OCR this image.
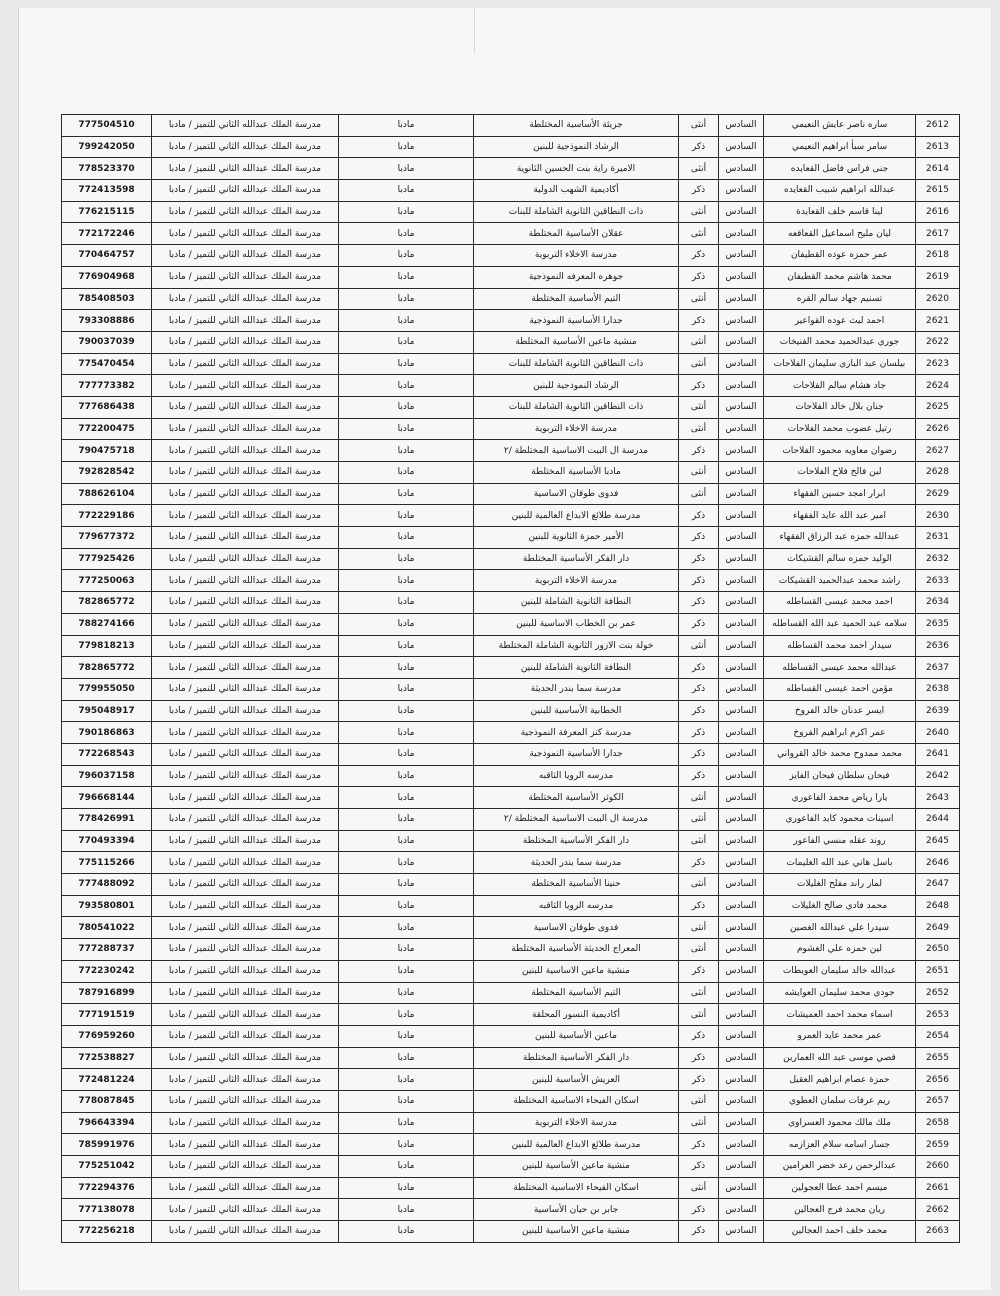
777504510	مدرسة الملك عبدالله الثاني للتميز / مادبا	مادبا	جريئة الأساسية المختلطة	أنثى	السادس	ساره ناصر عايش النعيمي	2612
799242050	مدرسة الملك عبدالله الثاني للتميز / مادبا	مادبا	الرشاد النموذجية للبنين	ذكر	السادس	سامر سبأ ابراهيم النعيمي	2613
778523370	مدرسة الملك عبدالله الثاني للتميز / مادبا	مادبا	الاميرة راية بنت الحسين الثانوية	أنثى	السادس	جنى فراس فاضل القعايده	2614
772413598	مدرسة الملك عبدالله الثاني للتميز / مادبا	مادبا	أكاديمية الشهب الدولية	ذكر	السادس	عبدالله ابراهيم شبيب القعايده	2615
776215115	مدرسة الملك عبدالله الثاني للتميز / مادبا	مادبا	ذات النطاقين الثانوية الشاملة للبنات	أنثى	السادس	لينا قاسم خلف القعايدة	2616
772172246	مدرسة الملك عبدالله الثاني للتميز / مادبا	مادبا	عقلان الأساسية المختلطة	أنثى	السادس	ليان مليح اسماعيل القعاقعه	2617
770464757	مدرسة الملك عبدالله الثاني للتميز / مادبا	مادبا	مدرسة الاخلاء التربوية	ذكر	السادس	عمر حمزه عوده القطيفان	2618
776904968	مدرسة الملك عبدالله الثاني للتميز / مادبا	مادبا	جوهره المعرفه النموذجية	ذكر	السادس	محمد هاشم محمد القطيفان	2619
785408503	مدرسة الملك عبدالله الثاني للتميز / مادبا	مادبا	التيم الأساسية المختلطة	أنثى	السادس	تسنيم جهاد سالم القره	2620
793308886	مدرسة الملك عبدالله الثاني للتميز / مادبا	مادبا	جدارا الأساسية النموذجية	ذكر	السادس	احمد ليث عوده القواعير	2621
790037039	مدرسة الملك عبدالله الثاني للتميز / مادبا	مادبا	منشية ماعين الأساسية المختلطة	أنثى	السادس	جوري عبدالحميد محمد الفنيخات	2622
775470454	مدرسة الملك عبدالله الثاني للتميز / مادبا	مادبا	ذات النطاقين الثانوية الشاملة للبنات	أنثى	السادس	بيلسان عبد الباري سليمان الفلاحات	2623
777773382	مدرسة الملك عبدالله الثاني للتميز / مادبا	مادبا	الرشاد النموذجية للبنين	ذكر	السادس	جاد هشام سالم الفلاحات	2624
777686438	مدرسة الملك عبدالله الثاني للتميز / مادبا	مادبا	ذات النطاقين الثانوية الشاملة للبنات	أنثى	السادس	جنان بلال خالد الفلاحات	2625
772200475	مدرسة الملك عبدالله الثاني للتميز / مادبا	مادبا	مدرسة الاخلاء التربوية	أنثى	السادس	رتيل عضوب محمد الفلاحات	2626
790475718	مدرسة الملك عبدالله الثاني للتميز / مادبا	مادبا	مدرسة ال البيت الاساسية المختلطة /٢	ذكر	السادس	رضوان معاويه محمود الفلاحات	2627
792828542	مدرسة الملك عبدالله الثاني للتميز / مادبا	مادبا	مادبا الأساسية المختلطة	أنثى	السادس	لين فالح فلاح الفلاحات	2628
788626104	مدرسة الملك عبدالله الثاني للتميز / مادبا	مادبا	فدوى طوقان الاساسية	أنثى	السادس	ابرار امجد حسين الفقهاء	2629
772229186	مدرسة الملك عبدالله الثاني للتميز / مادبا	مادبا	مدرسة طلائع الابداع العالمية للبنين	ذكر	السادس	امير عبد الله عايد الفقهاء	2630
779677372	مدرسة الملك عبدالله الثاني للتميز / مادبا	مادبا	الأمير حمزة الثانوية للبنين	ذكر	السادس	عبدالله حمزه عبد الرزاق الفقهاء	2631
777925426	مدرسة الملك عبدالله الثاني للتميز / مادبا	مادبا	دار الفكر الأساسية المختلطة	ذكر	السادس	الوليد حمزه سالم القشيكات	2632
777250063	مدرسة الملك عبدالله الثاني للتميز / مادبا	مادبا	مدرسة الاخلاء التربوية	ذكر	السادس	راشد محمد عبدالحميد القشيكات	2633
782865772	مدرسة الملك عبدالله الثاني للتميز / مادبا	مادبا	النطافة الثانوية الشاملة للبنين	ذكر	السادس	احمد محمد عيسى القساطله	2634
788274166	مدرسة الملك عبدالله الثاني للتميز / مادبا	مادبا	عمر بن الخطاب الاساسية للبنين	ذكر	السادس	سلامه عبد الحميد عبد الله القساطله	2635
779818213	مدرسة الملك عبدالله الثاني للتميز / مادبا	مادبا	خولة بنت الازور الثانوية الشاملة المختلطة	أنثى	السادس	سيدار احمد محمد القساطله	2636
782865772	مدرسة الملك عبدالله الثاني للتميز / مادبا	مادبا	النطافة الثانوية الشاملة للبنين	ذكر	السادس	عبدالله محمد عيسى القساطله	2637
779955050	مدرسة الملك عبدالله الثاني للتميز / مادبا	مادبا	مدرسة سما بندر الحديثة	ذكر	السادس	مؤمن احمد عيسى القساطله	2638
795048917	مدرسة الملك عبدالله الثاني للتميز / مادبا	مادبا	الخطابية الأساسية للبنين	ذكر	السادس	ايسر عدنان خالد الفروخ	2639
790186863	مدرسة الملك عبدالله الثاني للتميز / مادبا	مادبا	مدرسة كنز المعرفة النموذجية	ذكر	السادس	عمر اكرم ابراهيم الفروخ	2640
772268543	مدرسة الملك عبدالله الثاني للتميز / مادبا	مادبا	جدارا الأساسية النموذجية	ذكر	السادس	محمد ممدوح محمد خالد القرواني	2641
796037158	مدرسة الملك عبدالله الثاني للتميز / مادبا	مادبا	مدرسه الرويا الثاقبه	ذكر	السادس	فيحان سلطان فيحان الفايز	2642
796668144	مدرسة الملك عبدالله الثاني للتميز / مادبا	مادبا	الكوثر الأساسية المختلطة	أنثى	السادس	يارا رياض محمد الفاعوري	2643
778426991	مدرسة الملك عبدالله الثاني للتميز / مادبا	مادبا	مدرسة ال البيت الاساسية المختلطة /٢	أنثى	السادس	اسينات محمود كايد الفاعوري	2644
770493394	مدرسة الملك عبدالله الثاني للتميز / مادبا	مادبا	دار الفكر الأساسية المختلطة	أنثى	السادس	روند عقله منسي الفاعور	2645
775115266	مدرسة الملك عبدالله الثاني للتميز / مادبا	مادبا	مدرسة سما بندر الحديثة	ذكر	السادس	باسل هاني عبد الله الغليمات	2646
777488092	مدرسة الملك عبدالله الثاني للتميز / مادبا	مادبا	حنينا الأساسية المختلطة	أنثى	السادس	لمار راند مفلح الغليلات	2647
793580801	مدرسة الملك عبدالله الثاني للتميز / مادبا	مادبا	مدرسه الرويا الثاقبه	ذكر	السادس	محمد فادي صالح الغليلات	2648
780541022	مدرسة الملك عبدالله الثاني للتميز / مادبا	مادبا	فدوى طوقان الاساسية	أنثى	السادس	سيدرا علي عبدالله الغصين	2649
777288737	مدرسة الملك عبدالله الثاني للتميز / مادبا	مادبا	المعراج الحديثة الأساسية المختلطة	أنثى	السادس	لين حمزه علي الغشوم	2650
772230242	مدرسة الملك عبدالله الثاني للتميز / مادبا	مادبا	منشية ماعين الاساسية للبنين	ذكر	السادس	عبدالله خالد سليمان العويطات	2651
787916899	مدرسة الملك عبدالله الثاني للتميز / مادبا	مادبا	التيم الأساسية المختلطة	أنثى	السادس	جودي محمد سليمان العوايشه	2652
777191519	مدرسة الملك عبدالله الثاني للتميز / مادبا	مادبا	أكاديمية النسور المحلقة	أنثى	السادس	اسماء محمد احمد العميشات	2653
776959260	مدرسة الملك عبدالله الثاني للتميز / مادبا	مادبا	ماعين الأساسية للبنين	ذكر	السادس	عمر محمد عايد العمرو	2654
772538827	مدرسة الملك عبدالله الثاني للتميز / مادبا	مادبا	دار الفكر الأساسية المختلطة	ذكر	السادس	قصي موسى عبد الله العمارين	2655
772481224	مدرسة الملك عبدالله الثاني للتميز / مادبا	مادبا	العريش الأساسية للبنين	ذكر	السادس	حمزة عصام ابراهيم العقيل	2656
778087845	مدرسة الملك عبدالله الثاني للتميز / مادبا	مادبا	اسكان الفيحاء الاساسية المختلطة	أنثى	السادس	ريم عرفات سلمان العطوي	2657
796643394	مدرسة الملك عبدالله الثاني للتميز / مادبا	مادبا	مدرسة الاخلاء التربوية	أنثى	السادس	ملك مالك محمود العسراوي	2658
785991976	مدرسة الملك عبدالله الثاني للتميز / مادبا	مادبا	مدرسة طلائع الابداع العالمية للبنين	ذكر	السادس	جسار اسامه سلام العزازمه	2659
775251042	مدرسة الملك عبدالله الثاني للتميز / مادبا	مادبا	منشية ماعين الأساسية للبنين	ذكر	السادس	عبدالرحمن رعد خضر العرامين	2660
772294376	مدرسة الملك عبدالله الثاني للتميز / مادبا	مادبا	اسكان الفيحاء الاساسية المختلطة	أنثى	السادس	ميسم احمد عطا العجولين	2661
777138078	مدرسة الملك عبدالله الثاني للتميز / مادبا	مادبا	جابر بن حيان الأساسية	ذكر	السادس	ريان محمد فرج العجالين	2662
772256218	مدرسة الملك عبدالله الثاني للتميز / مادبا	مادبا	منشية ماعين الأساسية للبنين	ذكر	السادس	محمد خلف احمد العجالين	2663
